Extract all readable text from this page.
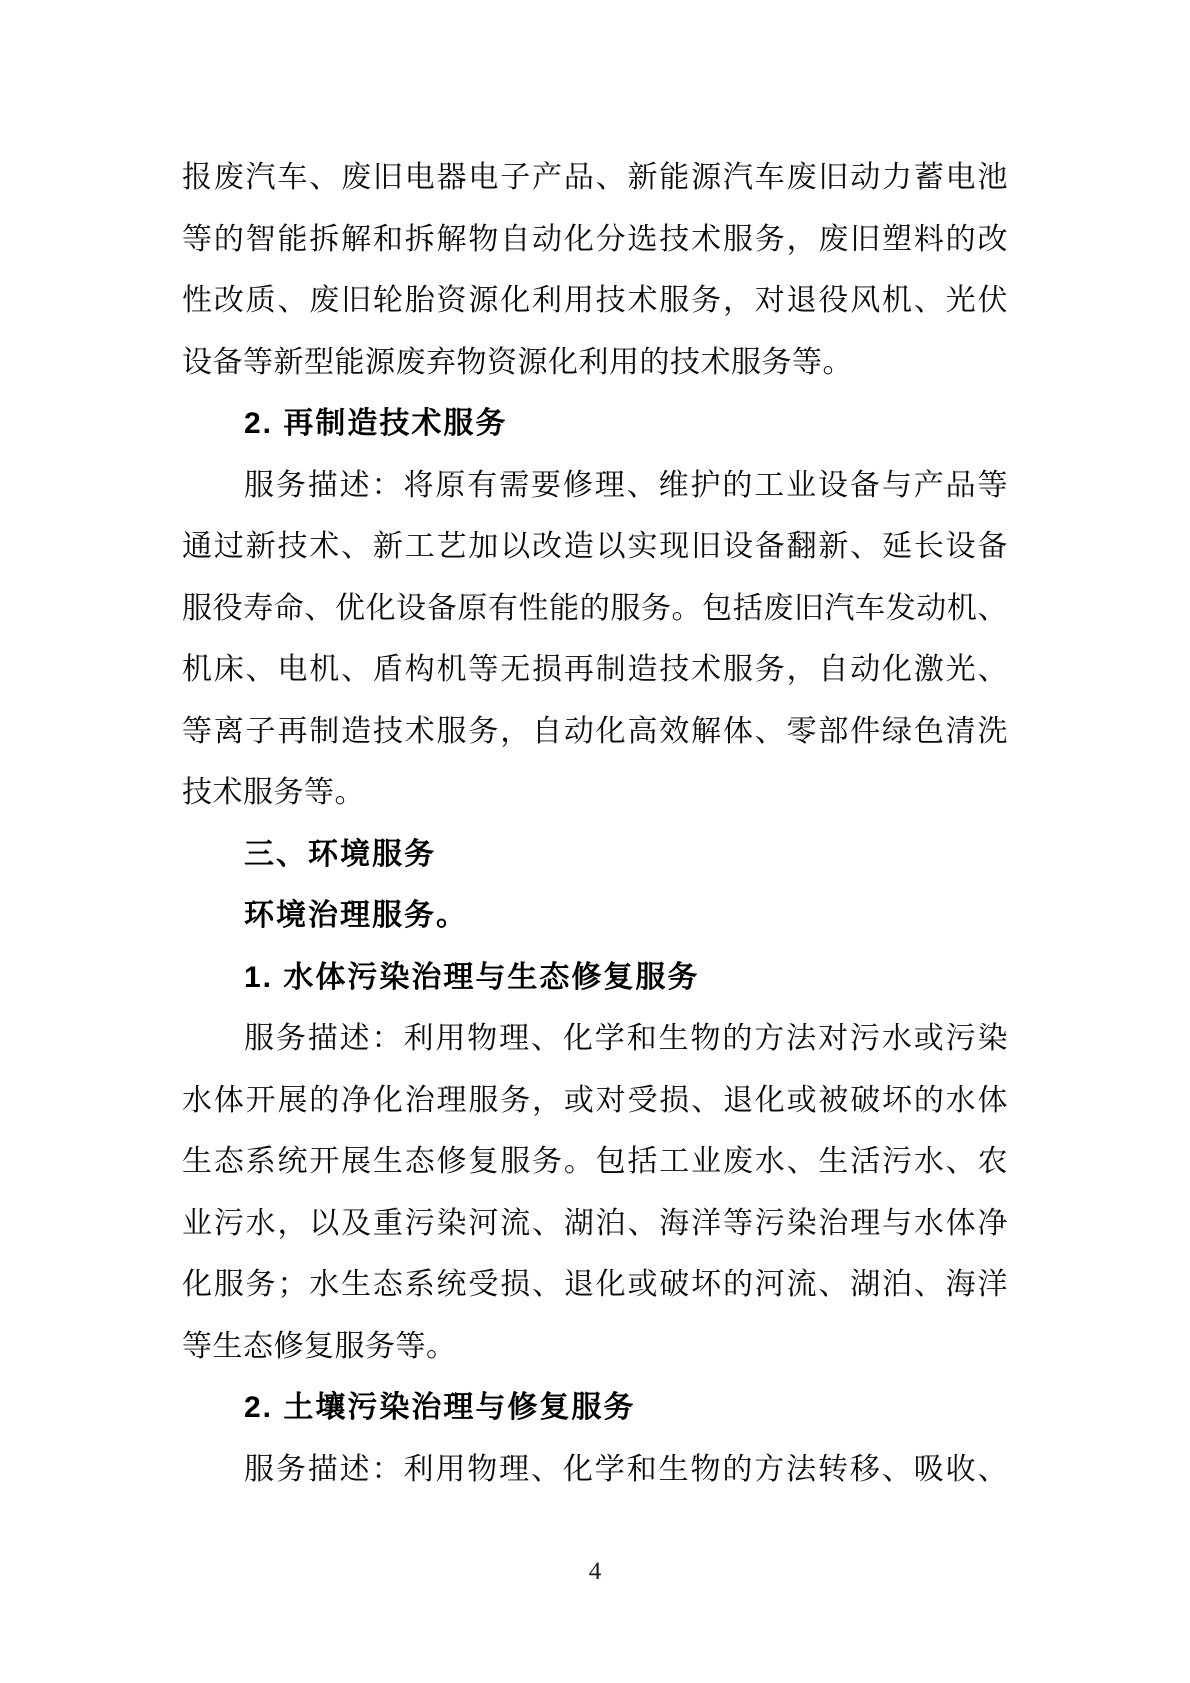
报废汽车、废旧电器电子产品、新能源汽车废旧动力蓄电池
等的智能拆解和拆解物自动化分选技术服务，废旧塑料的改
性改质、废旧轮胎资源化利用技术服务，对退役风机、光伏
设备等新型能源废弃物资源化利用的技术服务等。
2. 再制造技术服务
服务描述：将原有需要修理、维护的工业设备与产品等
通过新技术、新工艺加以改造以实现旧设备翻新、延长设备
服役寿命、优化设备原有性能的服务。包括废旧汽车发动机、
机床、电机、盾构机等无损再制造技术服务，自动化激光、
等离子再制造技术服务，自动化高效解体、零部件绿色清洗
技术服务等。
三、环境服务
环境治理服务。
1. 水体污染治理与生态修复服务
服务描述：利用物理、化学和生物的方法对污水或污染
水体开展的净化治理服务，或对受损、退化或被破坏的水体
生态系统开展生态修复服务。包括工业废水、生活污水、农
业污水，以及重污染河流、湖泊、海洋等污染治理与水体净
化服务；水生态系统受损、退化或破坏的河流、湖泊、海洋
等生态修复服务等。
2. 土壤污染治理与修复服务
服务描述：利用物理、化学和生物的方法转移、吸收、
4
